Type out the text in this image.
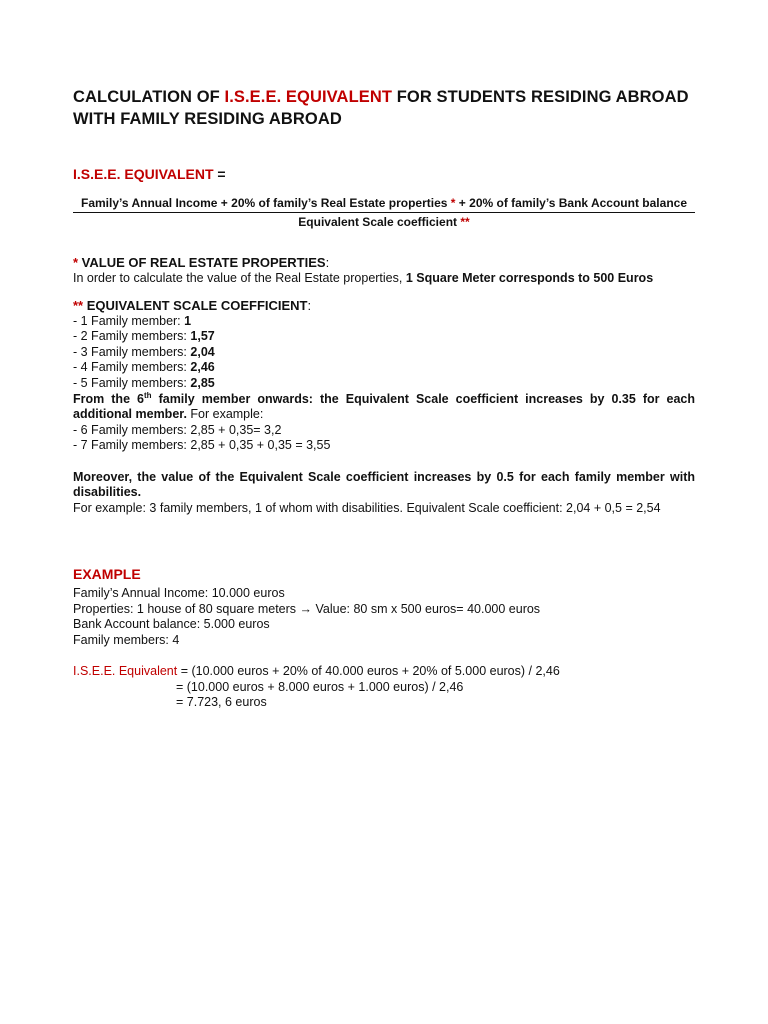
CALCULATION OF I.S.E.E. EQUIVALENT FOR STUDENTS RESIDING ABROAD WITH FAMILY RESIDING ABROAD
I.S.E.E. EQUIVALENT =
Family’s Annual Income + 20% of family’s Real Estate properties * + 20% of family’s Bank Account balance
Equivalent Scale coefficient **
* VALUE OF REAL ESTATE PROPERTIES:
In order to calculate the value of the Real Estate properties, 1 Square Meter corresponds to 500 Euros
** EQUIVALENT SCALE COEFFICIENT:
- 1 Family member: 1
- 2 Family members: 1,57
- 3 Family members: 2,04
- 4 Family members: 2,46
- 5 Family members: 2,85
From the 6th family member onwards: the Equivalent Scale coefficient increases by 0.35 for each additional member. For example:
- 6 Family members: 2,85 + 0,35= 3,2
- 7 Family members: 2,85 + 0,35 + 0,35 = 3,55
Moreover, the value of the Equivalent Scale coefficient increases by 0.5 for each family member with disabilities.
For example: 3 family members, 1 of whom with disabilities. Equivalent Scale coefficient: 2,04 + 0,5 = 2,54
EXAMPLE
Family’s Annual Income: 10.000 euros
Properties: 1 house of 80 square meters → Value: 80 sm x 500 euros= 40.000 euros
Bank Account balance: 5.000 euros
Family members: 4
I.S.E.E. Equivalent = (10.000 euros + 20% of 40.000 euros + 20% of 5.000 euros) / 2,46
= (10.000 euros + 8.000 euros + 1.000 euros) / 2,46
= 7.723, 6 euros
